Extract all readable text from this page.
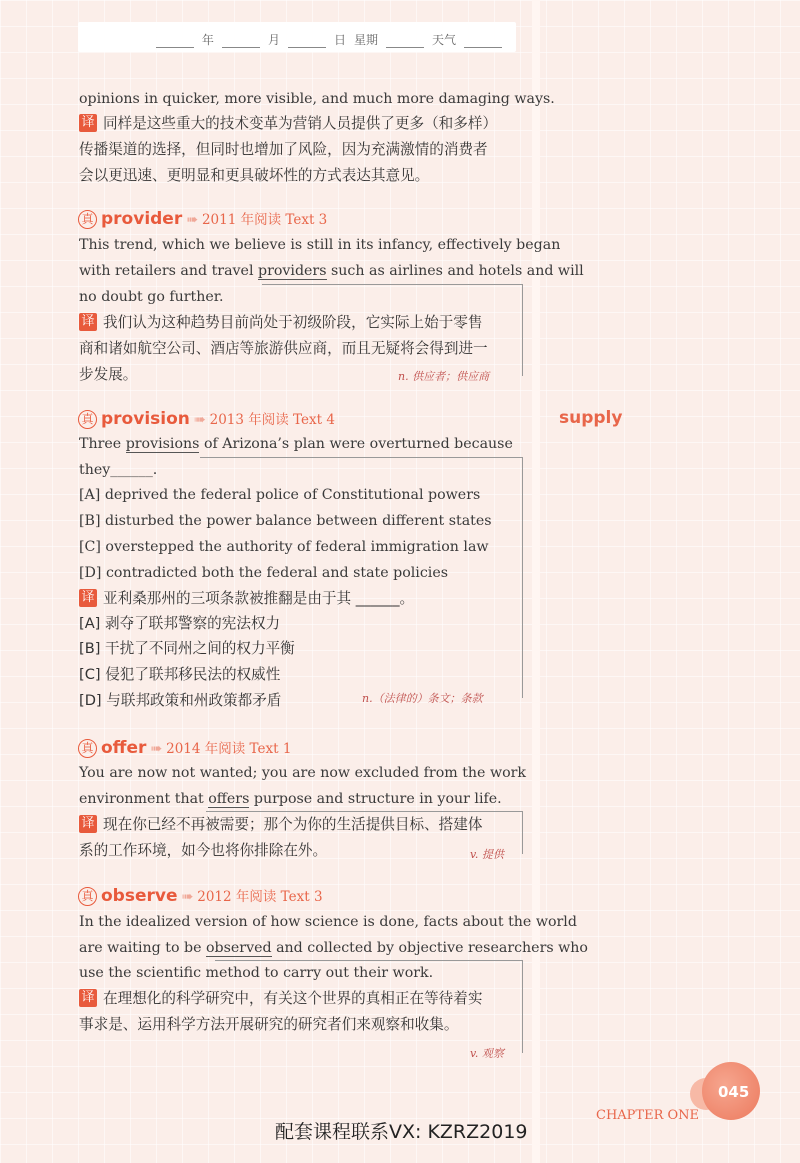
年	月	日 星期	天气
opinions in quicker, more visible, and much more damaging ways.
译 同样是这些重大的技术变革为营销人员提供了更多（和多样）
传播渠道的选择，但同时也增加了风险，因为充满激情的消费者
会以更迅速、更明显和更具破坏性的方式表达其意见。
真 provider ➠ 2011 年阅读 Text 3
This trend, which we believe is still in its infancy, effectively began
with retailers and travel providers such as airlines and hotels and will
no doubt go further.
译 我们认为这种趋势目前尚处于初级阶段，它实际上始于零售
商和诸如航空公司、酒店等旅游供应商，而且无疑将会得到进一
步发展。	n. 供应者；供应商
真 provision ➠ 2013 年阅读 Text 4	supply
Three provisions of Arizona’s plan were overturned because
they______.
[A] deprived the federal police of Constitutional powers
[B] disturbed the power balance between different states
[C] overstepped the authority of federal immigration law
[D] contradicted both the federal and state policies
译 亚利桑那州的三项条款被推翻是由于其 ______。
[A] 剥夺了联邦警察的宪法权力
[B] 干扰了不同州之间的权力平衡
[C] 侵犯了联邦移民法的权威性
[D] 与联邦政策和州政策都矛盾	n.（法律的）条文；条款
真 offer ➠ 2014 年阅读 Text 1
You are now not wanted; you are now excluded from the work
environment that offers purpose and structure in your life.
译 现在你已经不再被需要；那个为你的生活提供目标、搭建体
系的工作环境，如今也将你排除在外。	v. 提供
真 observe ➠ 2012 年阅读 Text 3
In the idealized version of how science is done, facts about the world
are waiting to be observed and collected by objective researchers who
use the scientific method to carry out their work.
译 在理想化的科学研究中，有关这个世界的真相正在等待着实
事求是、运用科学方法开展研究的研究者们来观察和收集。
v. 观察
045
CHAPTER ONE
配套课程联系VX: KZRZ2019
